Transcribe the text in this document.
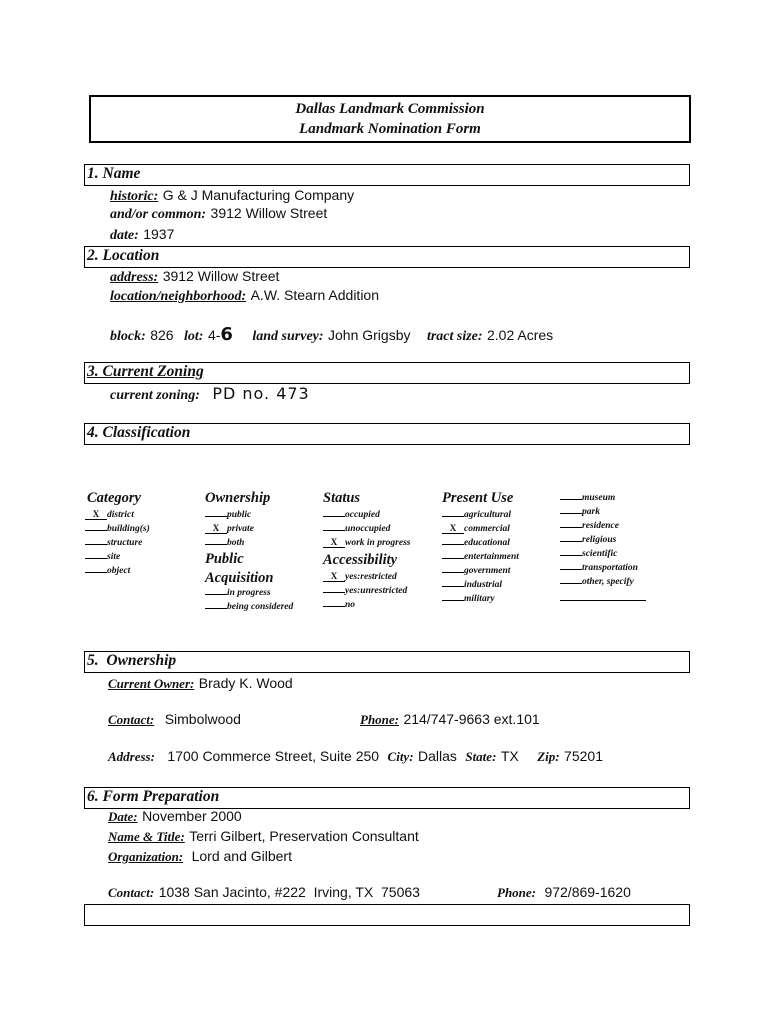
Dallas Landmark Commission
Landmark Nomination Form
1. Name
historic: G & J Manufacturing Company
and/or common: 3912 Willow Street
date: 1937
2. Location
address: 3912 Willow Street
location/neighborhood: A.W. Stearn Addition
block: 826 lot: 4-6 land survey: John Grigsby tract size: 2.02 Acres
3. Current Zoning
current zoning: PD no. 473
4. Classification
Category
X district
building(s)
structure
site
object
Ownership
public
X private
both
Public
Acquisition
in progress
being considered
Status
occupied
unoccupied
X work in progress
Accessibility
X yes:restricted
yes:unrestricted
no
Present Use
agricultural
X commercial
educational
entertainment
government
industrial
military
museum
park
residence
religious
scientific
transportation
other, specify
5.  Ownership
Current Owner: Brady K. Wood
Contact: Simbolwood	Phone: 214/747-9663 ext.101
Address: 1700 Commerce Street, Suite 250 City: Dallas State: TX Zip: 75201
6. Form Preparation
Date: November 2000
Name & Title: Terri Gilbert, Preservation Consultant
Organization: Lord and Gilbert
Contact: 1038 San Jacinto, #222  Irving, TX  75063	Phone: 972/869-1620
